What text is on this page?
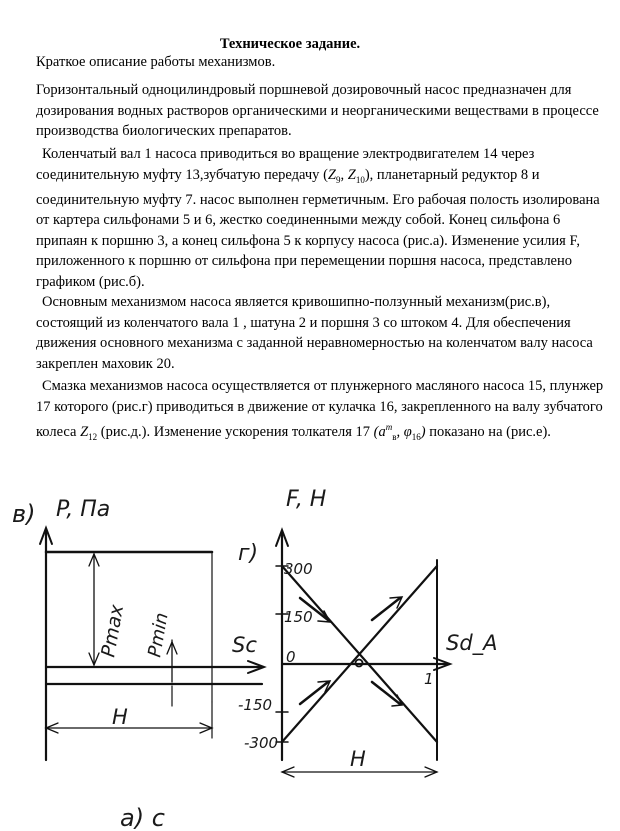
Техническое задание.
Краткое описание работы механизмов.
Горизонтальный одноцилиндровый поршневой дозировочный насос предназначен для дозирования водных растворов органическими и неорганическими веществами в процессе производства биологических препаратов.
Коленчатый вал 1 насоса приводиться во вращение электродвигателем 14 через соединительную муфту 13,зубчатую передачу ($Z_9$, $Z_{10}$), планетарный редуктор 8 и соединительную муфту 7. насос выполнен герметичным. Его рабочая полость изолирована от картера сильфонами 5 и 6, жестко соединенными между собой. Конец сильфона 6 припаян к поршню 3, а конец сильфона 5 к корпусу насоса (рис.а). Изменение усилия F, приложенного к поршню от сильфона при перемещении поршня насоса, представлено графиком (рис.б).
Основным механизмом насоса является кривошипно-ползунный механизм(рис.в), состоящий из коленчатого вала 1 , шатуна 2 и поршня 3 со штоком 4. Для обеспечения движения основного механизма с заданной неравномерностью на коленчатом валу насоса закреплен маховик 20.
Смазка механизмов насоса осуществляется от плунжерного масляного насоса 15, плунжер 17 которого (рис.г) приводиться в движение от кулачка 16, закрепленного на валу зубчатого колеса $Z_{12}$ (рис.д.). Изменение ускорения толкателя 17 ($a^т_в$, $\varphi_{16}$) показано на (рис.е).
в) P, Па
Pmax Pmin	Sc
H
F, Н
г)
300
150
0
-150
-300
Sd_A
1
H
а) с
